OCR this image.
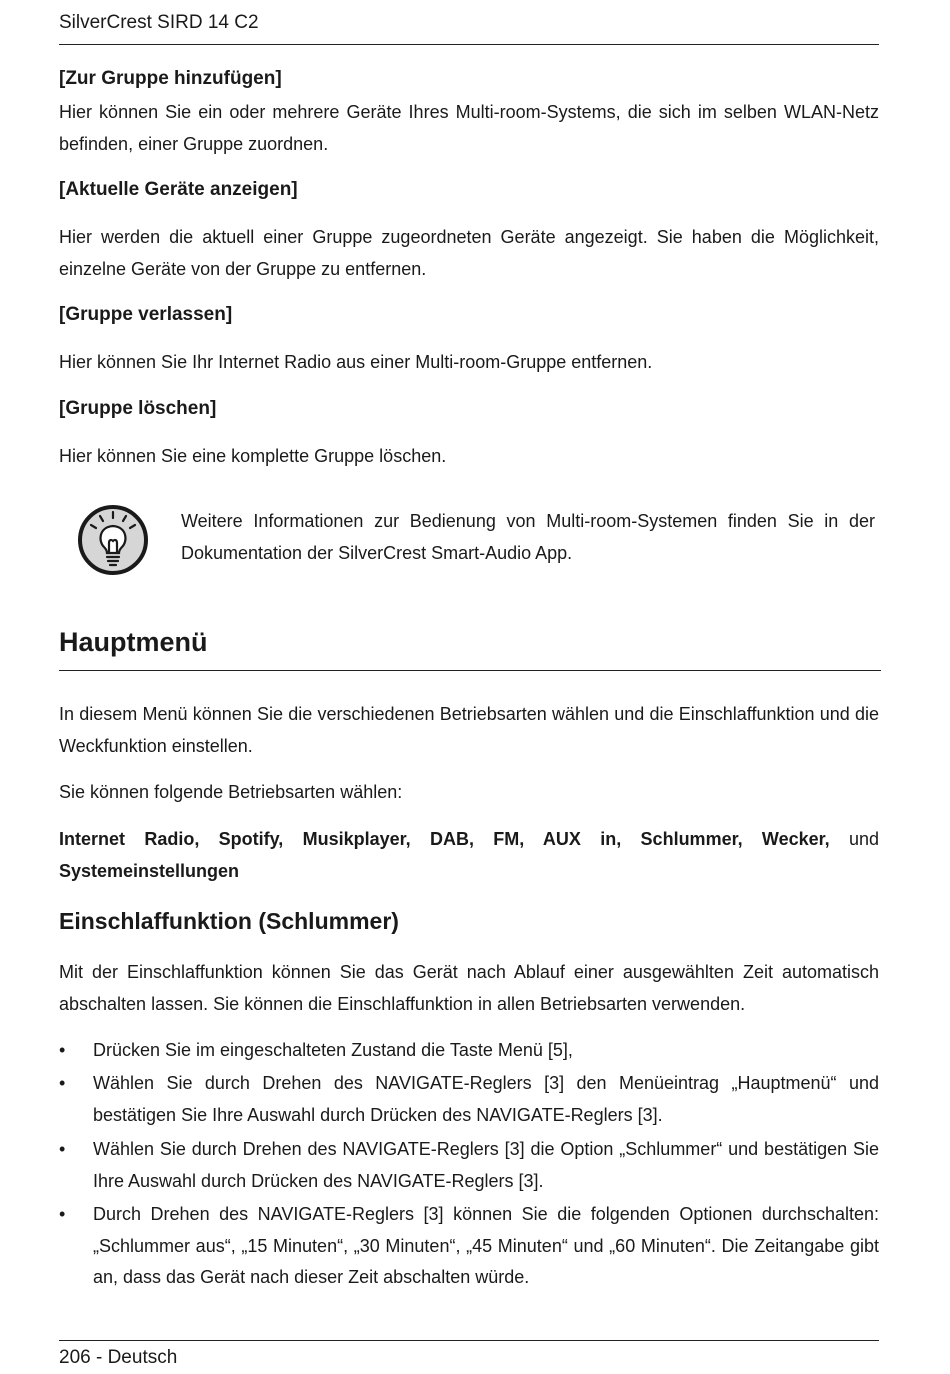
SilverCrest SIRD 14 C2
[Zur Gruppe hinzufügen]
Hier können Sie ein oder mehrere Geräte Ihres Multi-room-Systems, die sich im selben WLAN-Netz befinden, einer Gruppe zuordnen.
[Aktuelle Geräte anzeigen]
Hier werden die aktuell einer Gruppe zugeordneten Geräte angezeigt. Sie haben die Möglichkeit, einzelne Geräte von der Gruppe zu entfernen.
[Gruppe verlassen]
Hier können Sie Ihr Internet Radio aus einer Multi-room-Gruppe entfernen.
[Gruppe löschen]
Hier können Sie eine komplette Gruppe löschen.
Weitere Informationen zur Bedienung von Multi-room-Systemen finden Sie in der Dokumentation der SilverCrest Smart-Audio App.
Hauptmenü
In diesem Menü können Sie die verschiedenen Betriebsarten wählen und die Einschlaffunktion und die Weckfunktion einstellen.
Sie können folgende Betriebsarten wählen:
Internet Radio, Spotify, Musikplayer, DAB, FM, AUX in, Schlummer, Wecker, und Systemeinstellungen
Einschlaffunktion (Schlummer)
Mit der Einschlaffunktion können Sie das Gerät nach Ablauf einer ausgewählten Zeit automatisch abschalten lassen. Sie können die Einschlaffunktion in allen Betriebsarten verwenden.
• Drücken Sie im eingeschalteten Zustand die Taste Menü [5],
• Wählen Sie durch Drehen des NAVIGATE-Reglers [3] den Menüeintrag „Hauptmenü“ und bestätigen Sie Ihre Auswahl durch Drücken des NAVIGATE-Reglers [3].
• Wählen Sie durch Drehen des NAVIGATE-Reglers [3] die Option „Schlummer“ und bestätigen Sie Ihre Auswahl durch Drücken des NAVIGATE-Reglers [3].
• Durch Drehen des NAVIGATE-Reglers [3] können Sie die folgenden Optionen durchschalten: „Schlummer aus“, „15 Minuten“, „30 Minuten“, „45 Minuten“ und „60 Minuten“. Die Zeitangabe gibt an, dass das Gerät nach dieser Zeit abschalten würde.
206 - Deutsch
